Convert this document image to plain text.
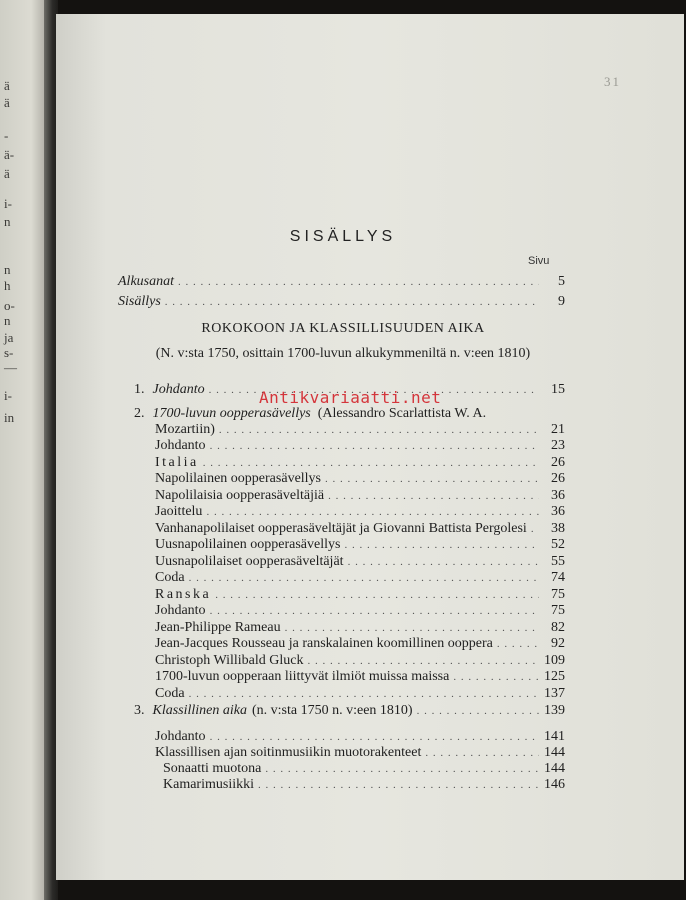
ä
ä
-
ä-
ä
i-
n
n
h
o-
n
ja
s-
—
i-
in
31
SISÄLLYS
Sivu
Alkusanat . . .	5
Sisällys . . .	9
ROKOKOON JA KLASSILLISUUDEN AIKA
(N. v:sta 1750, osittain 1700-luvun alkukymmeniltä n. v:een 1810)
1. Johdanto . . .	15
2. 1700-luvun oopperasävellys (Alessandro Scarlattista W. A.
Mozartiin) . . .	21
Johdanto . . .	23
Italia . . .	26
Napolilainen oopperasävellys . . .	26
Napolilaisia oopperasäveltäjiä . . .	36
Jaoittelu . . .	36
Vanhanapolilaiset oopperasäveltäjät ja Giovanni Battista Pergolesi . . .	38
Uusnapolilainen oopperasävellys . . .	52
Uusnapolilaiset oopperasäveltäjät . . .	55
Coda . . .	74
Ranska . . .	75
Johdanto . . .	75
Jean-Philippe Rameau . . .	82
Jean-Jacques Rousseau ja ranskalainen koomillinen ooppera . . .	92
Christoph Willibald Gluck . . .	109
1700-luvun oopperaan liittyvät ilmiöt muissa maissa . . .	125
Coda . . .	137
3. Klassillinen aika (n. v:sta 1750 n. v:een 1810) . . .	139
Johdanto . . .	141
Klassillisen ajan soitinmusiikin muotorakenteet . . .	144
Sonaatti muotona . . .	144
Kamarimusiikki . . .	146
Antikvariaatti.net
